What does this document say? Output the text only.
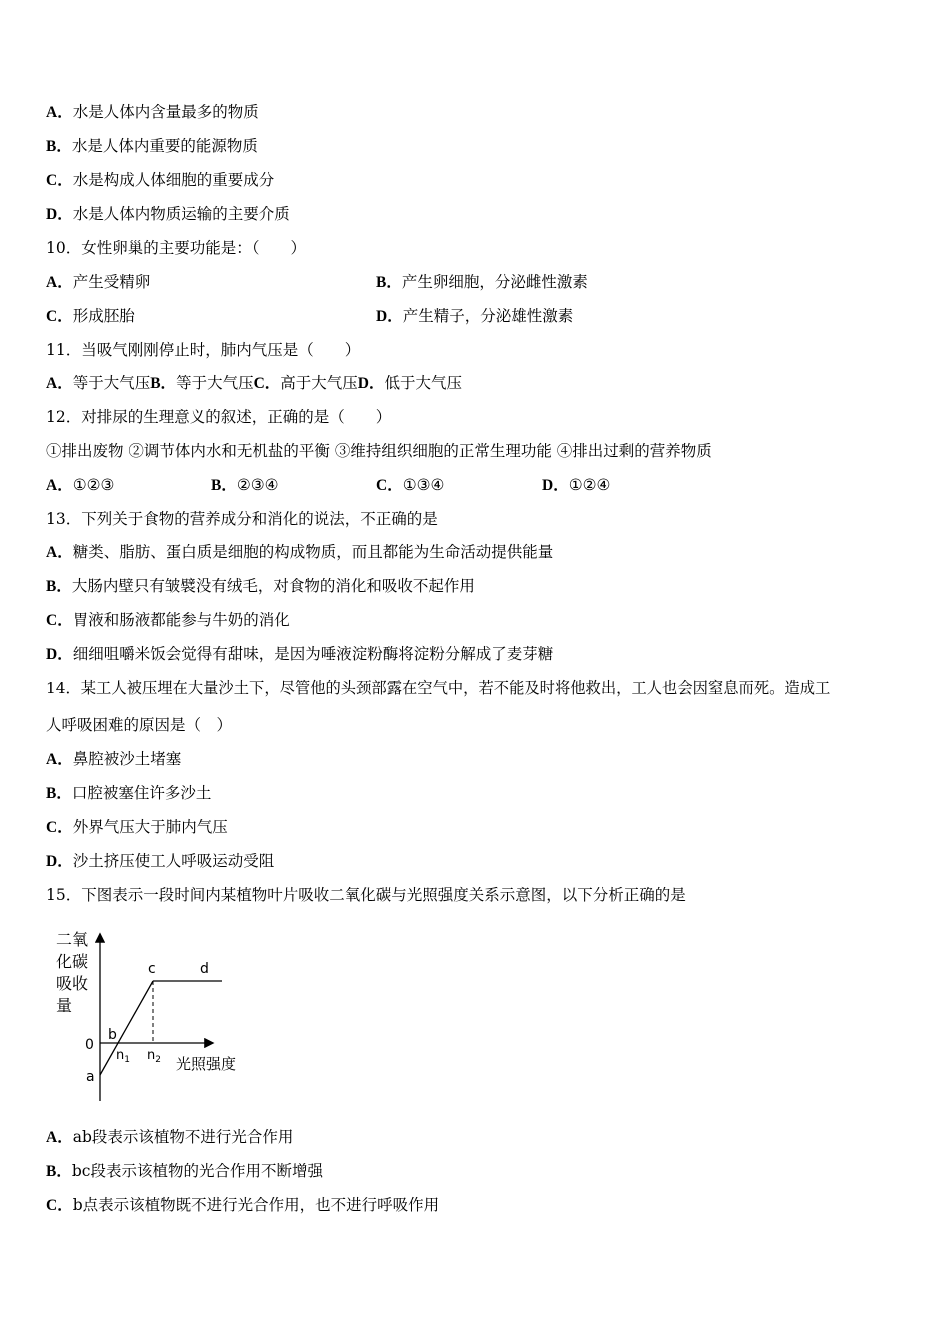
A．水是人体内含量最多的物质
B．水是人体内重要的能源物质
C．水是构成人体细胞的重要成分
D．水是人体内物质运输的主要介质
10．女性卵巢的主要功能是：（　　）
A．产生受精卵	B．产生卵细胞，分泌雌性激素
C．形成胚胎	D．产生精子，分泌雄性激素
11．当吸气刚刚停止时，肺内气压是（　　）
A．等于大气压B．等于大气压C．高于大气压D．低于大气压
12．对排尿的生理意义的叙述，正确的是（　　）
①排出废物 ②调节体内水和无机盐的平衡 ③维持组织细胞的正常生理功能 ④排出过剩的营养物质
A．①②③	B．②③④	C．①③④	D．①②④
13．下列关于食物的营养成分和消化的说法，不正确的是
A．糖类、脂肪、蛋白质是细胞的构成物质，而且都能为生命活动提供能量
B．大肠内壁只有皱襞没有绒毛，对食物的消化和吸收不起作用
C．胃液和肠液都能参与牛奶的消化
D．细细咀嚼米饭会觉得有甜味，是因为唾液淀粉酶将淀粉分解成了麦芽糖
14．某工人被压埋在大量沙土下，尽管他的头颈部露在空气中，若不能及时将他救出，工人也会因窒息而死。造成工
人呼吸困难的原因是（　）
A．鼻腔被沙土堵塞
B．口腔被塞住许多沙土
C．外界气压大于肺内气压
D．沙土挤压使工人呼吸运动受阻
15．下图表示一段时间内某植物叶片吸收二氧化碳与光照强度关系示意图，以下分析正确的是
二氧
化碳
吸收
量
0
a
b
c	d
$n_1$ $n_2$ 光照强度
A．ab段表示该植物不进行光合作用
B．bc段表示该植物的光合作用不断增强
C．b点表示该植物既不进行光合作用，也不进行呼吸作用
